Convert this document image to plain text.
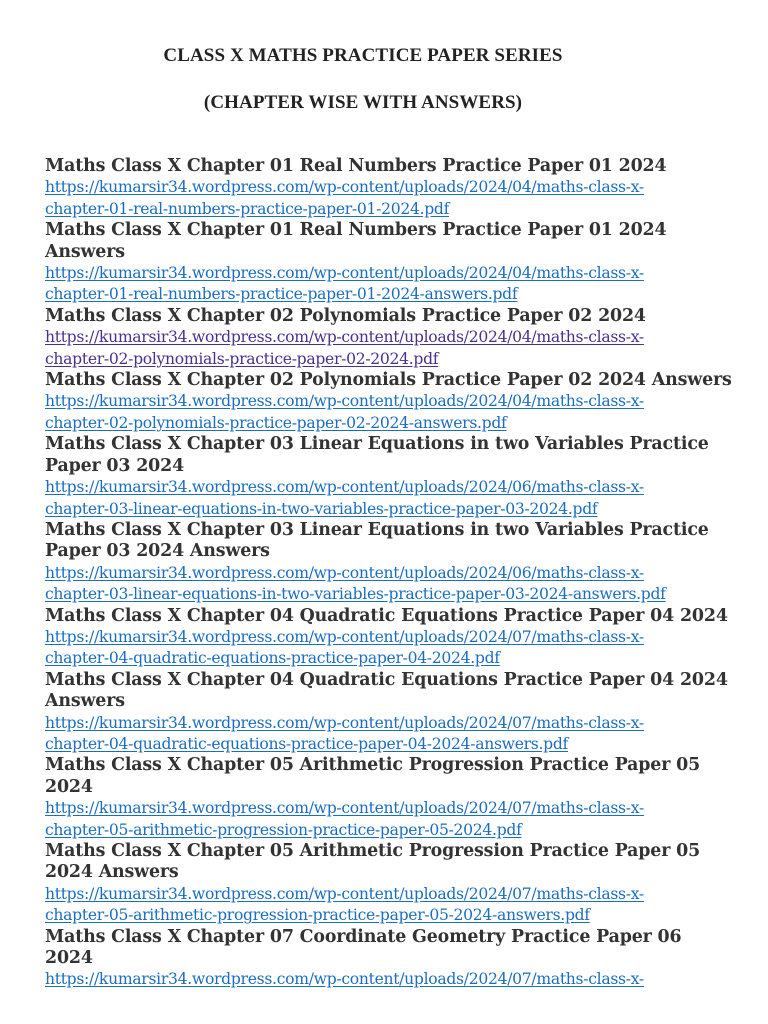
CLASS X MATHS PRACTICE PAPER SERIES
(CHAPTER WISE WITH ANSWERS)
Maths Class X Chapter 01 Real Numbers Practice Paper 01 2024
https://kumarsir34.wordpress.com/wp-content/uploads/2024/04/maths-class-x-
chapter-01-real-numbers-practice-paper-01-2024.pdf
Maths Class X Chapter 01 Real Numbers Practice Paper 01 2024
Answers
https://kumarsir34.wordpress.com/wp-content/uploads/2024/04/maths-class-x-
chapter-01-real-numbers-practice-paper-01-2024-answers.pdf
Maths Class X Chapter 02 Polynomials Practice Paper 02 2024
https://kumarsir34.wordpress.com/wp-content/uploads/2024/04/maths-class-x-
chapter-02-polynomials-practice-paper-02-2024.pdf
Maths Class X Chapter 02 Polynomials Practice Paper 02 2024 Answers
https://kumarsir34.wordpress.com/wp-content/uploads/2024/04/maths-class-x-
chapter-02-polynomials-practice-paper-02-2024-answers.pdf
Maths Class X Chapter 03 Linear Equations in two Variables Practice
Paper 03 2024
https://kumarsir34.wordpress.com/wp-content/uploads/2024/06/maths-class-x-
chapter-03-linear-equations-in-two-variables-practice-paper-03-2024.pdf
Maths Class X Chapter 03 Linear Equations in two Variables Practice
Paper 03 2024 Answers
https://kumarsir34.wordpress.com/wp-content/uploads/2024/06/maths-class-x-
chapter-03-linear-equations-in-two-variables-practice-paper-03-2024-answers.pdf
Maths Class X Chapter 04 Quadratic Equations Practice Paper 04 2024
https://kumarsir34.wordpress.com/wp-content/uploads/2024/07/maths-class-x-
chapter-04-quadratic-equations-practice-paper-04-2024.pdf
Maths Class X Chapter 04 Quadratic Equations Practice Paper 04 2024
Answers
https://kumarsir34.wordpress.com/wp-content/uploads/2024/07/maths-class-x-
chapter-04-quadratic-equations-practice-paper-04-2024-answers.pdf
Maths Class X Chapter 05 Arithmetic Progression Practice Paper 05
2024
https://kumarsir34.wordpress.com/wp-content/uploads/2024/07/maths-class-x-
chapter-05-arithmetic-progression-practice-paper-05-2024.pdf
Maths Class X Chapter 05 Arithmetic Progression Practice Paper 05
2024 Answers
https://kumarsir34.wordpress.com/wp-content/uploads/2024/07/maths-class-x-
chapter-05-arithmetic-progression-practice-paper-05-2024-answers.pdf
Maths Class X Chapter 07 Coordinate Geometry Practice Paper 06 2024
https://kumarsir34.wordpress.com/wp-content/uploads/2024/07/maths-class-x-
